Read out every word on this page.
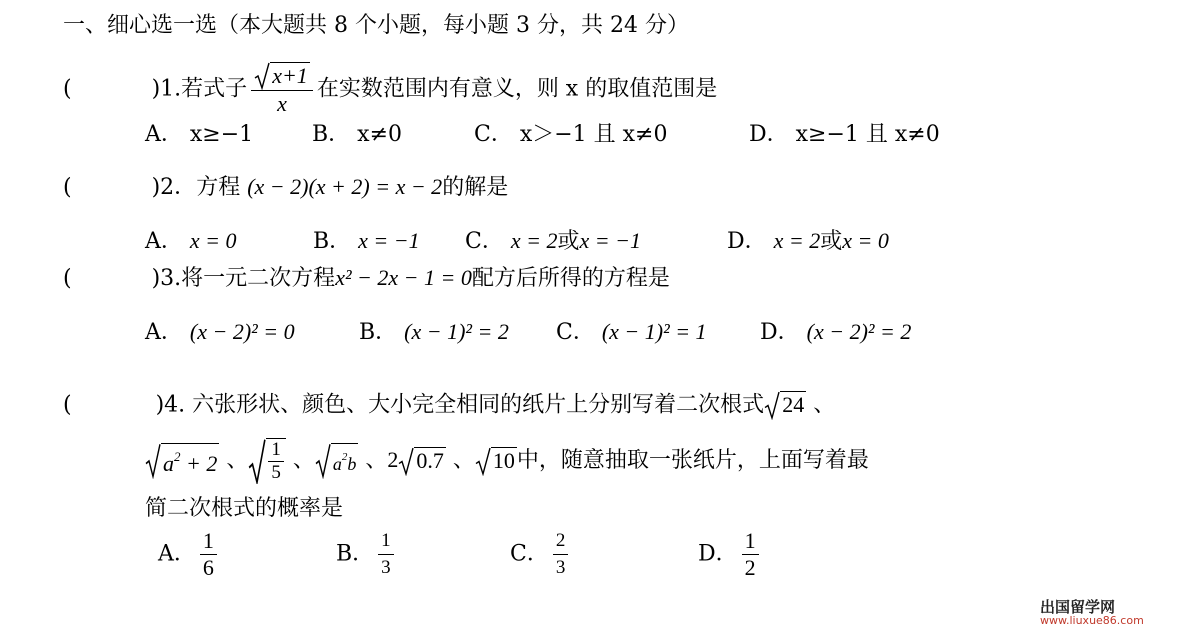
一、细心选一选（本大题共 8 个小题，每小题 3 分，共 24 分）
(	)1.若式子 $\frac{x+1}{x}$ 在实数范围内有意义，则 x 的取值范围是
A． x≥−1	B． x≠0	C． x＞−1 且 x≠0	D． x≥−1 且 x≠0
(	)2．方程 (x − 2)(x + 2) = x − 2的解是
A． x = 0	B． x = −1 C． x = 2或x = −1	D． x = 2或x = 0
(	)3.将一元二次方程x² − 2x − 1 = 0配方后所得的方程是
A． (x − 2)² = 0	B． (x − 1)² = 2 C． (x − 1)² = 1 D． (x − 2)² = 2
(	)4. 六张形状、颜色、大小完全相同的纸片上分别写着二次根式 24 、
$a^2 + 2$ 、 $\frac{1}{5}$ 、 $a^2b$ 、2 0.7 、 10中，随意抽取一张纸片，上面写着最
简二次根式的概率是
A． $\frac{1}{6}$	B． $\frac{1}{3}$	C． $\frac{2}{3}$	D． $\frac{1}{2}$
出国留学网
www.liuxue86.com
